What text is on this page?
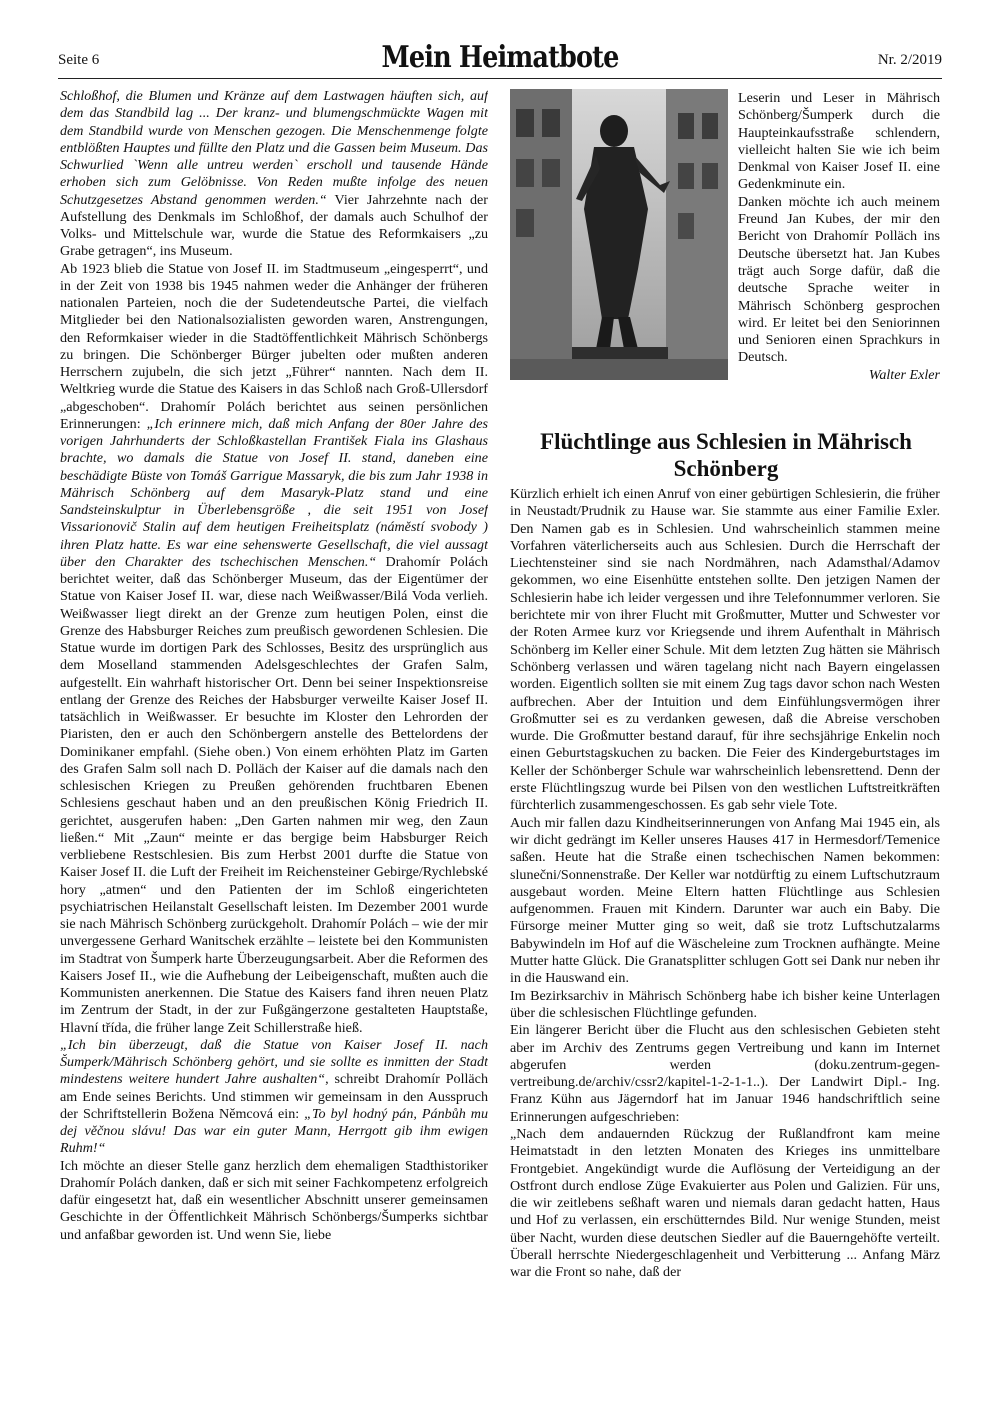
Seite 6	Mein Heimatbote	Nr. 2/2019

Schloßhof, die Blumen und Kränze auf dem Lastwagen häuften sich, auf dem das Standbild lag ... Der kranz- und blumengschmückte Wagen mit dem Standbild wurde von Menschen gezogen. Die Menschenmenge folgte entblößten Hauptes und füllte den Platz und die Gassen beim Museum. Das Schwurlied `Wenn alle untreu werden` erscholl und tausende Hände erhoben sich zum Gelöbnisse. Von Reden mußte infolge des neuen Schutzgesetzes Abstand genommen werden.“ Vier Jahrzehnte nach der Aufstellung des Denkmals im Schloßhof, der damals auch Schulhof der Volks- und Mittelschule war, wurde die Statue des Reformkaisers „zu Grabe getragen“, ins Museum.

Ab 1923 blieb die Statue von Josef II. im Stadtmuseum „eingesperrt“, und in der Zeit von 1938 bis 1945 nahmen weder die Anhänger der früheren nationalen Parteien, noch die der Sudetendeutsche Partei, die vielfach Mitglieder bei den Nationalsozialisten geworden waren, Anstrengungen, den Reformkaiser wieder in die Stadtöffentlichkeit Mährisch Schönbergs zu bringen. Die Schönberger Bürger jubelten oder mußten anderen Herrschern zujubeln, die sich jetzt „Führer“ nannten. Nach dem II. Weltkrieg wurde die Statue des Kaisers in das Schloß nach Groß-Ullersdorf „abgeschoben“. Drahomír Polách berichtet aus seinen persönlichen Erinnerungen: „Ich erinnere mich, daß mich Anfang der 80er Jahre des vorigen Jahrhunderts der Schloßkastellan František Fiala ins Glashaus brachte, wo damals die Statue von Josef II. stand, daneben eine beschädigte Büste von Tomáš Garrigue Massaryk, die bis zum Jahr 1938 in Mährisch Schönberg auf dem Masaryk-Platz stand und eine Sandsteinskulptur in Überlebensgröße , die seit 1951 von Josef Vissarionovič Stalin auf dem heutigen Freiheitsplatz (náměstí svobody ) ihren Platz hatte. Es war eine sehenswerte Gesellschaft, die viel aussagt über den Charakter des tschechischen Menschen.“ Drahomír Polách berichtet weiter, daß das Schönberger Museum, das der Eigentümer der Statue von Kaiser Josef II. war, diese nach Weißwasser/Bilá Voda verlieh. Weißwasser liegt direkt an der Grenze zum heutigen Polen, einst die Grenze des Habsburger Reiches zum preußisch gewordenen Schlesien. Die Statue wurde im dortigen Park des Schlosses, Besitz des ursprünglich aus dem Moselland stammenden Adelsgeschlechtes der Grafen Salm, aufgestellt. Ein wahrhaft historischer Ort. Denn bei seiner Inspektionsreise entlang der Grenze des Reiches der Habsburger verweilte Kaiser Josef II. tatsächlich in Weißwasser. Er besuchte im Kloster den Lehrorden der Piaristen, den er auch den Schönbergern anstelle des Bettelordens der Dominikaner empfahl. (Siehe oben.) Von einem erhöhten Platz im Garten des Grafen Salm soll nach D. Polläch der Kaiser auf die damals nach den schlesischen Kriegen zu Preußen gehörenden fruchtbaren Ebenen Schlesiens geschaut haben und an den preußischen König Friedrich II. gerichtet, ausgerufen haben: „Den Garten nahmen mir weg, den Zaun ließen.“ Mit „Zaun“ meinte er das bergige beim Habsburger Reich verbliebene Restschlesien. Bis zum Herbst 2001 durfte die Statue von Kaiser Josef II. die Luft der Freiheit im Reichensteiner Gebirge/Rychlebské hory „atmen“ und den Patienten der im Schloß eingerichteten psychiatrischen Heilanstalt Gesellschaft leisten. Im Dezember 2001 wurde sie nach Mährisch Schönberg zurückgeholt. Drahomír Polách – wie der mir unvergessene Gerhard Wanitschek erzählte – leistete bei den Kommunisten im Stadtrat von Šumperk harte Überzeugungsarbeit. Aber die Reformen des Kaisers Josef II., wie die Aufhebung der Leibeigenschaft, mußten auch die Kommunisten anerkennen. Die Statue des Kaisers fand ihren neuen Platz im Zentrum der Stadt, in der zur Fußgängerzone gestalteten Hauptstaße, Hlavní třída, die früher lange Zeit Schillerstraße hieß.

„Ich bin überzeugt, daß die Statue von Kaiser Josef II. nach Šumperk/Mährisch Schönberg gehört, und sie sollte es inmitten der Stadt mindestens weitere hundert Jahre aushalten“, schreibt Drahomír Polläch am Ende seines Berichts. Und stimmen wir gemeinsam in den Ausspruch der Schriftstellerin Božena Němcová ein: „To byl hodný pán, Pánbůh mu dej věčnou slávu! Das war ein guter Mann, Herrgott gib ihm ewigen Ruhm!“

Ich möchte an dieser Stelle ganz herzlich dem ehemaligen Stadthistoriker Drahomír Polách danken, daß er sich mit seiner Fachkompetenz erfolgreich dafür eingesetzt hat, daß ein wesentlicher Abschnitt unserer gemeinsamen Geschichte in der Öffentlichkeit Mährisch Schönbergs/Šumperks sichtbar und anfaßbar geworden ist. Und wenn Sie, liebe

Leserin und Leser in Mährisch Schönberg/Šumperk durch die Haupteinkaufsstraße schlendern, vielleicht halten Sie wie ich beim Denkmal von Kaiser Josef II. eine Gedenkminute ein.

Danken möchte ich auch meinem Freund Jan Kubes, der mir den Bericht von Drahomír Polläch ins Deutsche übersetzt hat. Jan Kubes trägt auch Sorge dafür, daß die deutsche Sprache weiter in Mährisch Schönberg gesprochen wird. Er leitet bei den Seniorinnen und Senioren einen Sprachkurs in Deutsch.

Walter Exler

Flüchtlinge aus Schlesien in Mährisch Schönberg

Kürzlich erhielt ich einen Anruf von einer gebürtigen Schlesierin, die früher in Neustadt/Prudnik zu Hause war. Sie stammte aus einer Familie Exler. Den Namen gab es in Schlesien. Und wahrscheinlich stammen meine Vorfahren väterlicherseits auch aus Schlesien. Durch die Herrschaft der Liechtensteiner sind sie nach Nordmähren, nach Adamsthal/Adamov gekommen, wo eine Eisenhütte entstehen sollte. Den jetzigen Namen der Schlesierin habe ich leider vergessen und ihre Telefonnummer verloren. Sie berichtete mir von ihrer Flucht mit Großmutter, Mutter und Schwester vor der Roten Armee kurz vor Kriegsende und ihrem Aufenthalt in Mährisch Schönberg im Keller einer Schule. Mit dem letzten Zug hätten sie Mährisch Schönberg verlassen und wären tagelang nicht nach Bayern eingelassen worden. Eigentlich sollten sie mit einem Zug tags davor schon nach Westen aufbrechen. Aber der Intuition und dem Einfühlungsvermögen ihrer Großmutter sei es zu verdanken gewesen, daß die Abreise verschoben wurde. Die Großmutter bestand darauf, für ihre sechsjährige Enkelin noch einen Geburtstagskuchen zu backen. Die Feier des Kindergeburtstages im Keller der Schönberger Schule war wahrscheinlich lebensrettend. Denn der erste Flüchtlingszug wurde bei Pilsen von den westlichen Luftstreitkräften fürchterlich zusammengeschossen. Es gab sehr viele Tote.

Auch mir fallen dazu Kindheitserinnerungen von Anfang Mai 1945 ein, als wir dicht gedrängt im Keller unseres Hauses 417 in Hermesdorf/Temenice saßen. Heute hat die Straße einen tschechischen Namen bekommen: slunečni/Sonnenstraße. Der Keller war notdürftig zu einem Luftschutzraum ausgebaut worden. Meine Eltern hatten Flüchtlinge aus Schlesien aufgenommen. Frauen mit Kindern. Darunter war auch ein Baby. Die Fürsorge meiner Mutter ging so weit, daß sie trotz Luftschutzalarms Babywindeln im Hof auf die Wäscheleine zum Trocknen aufhängte. Meine Mutter hatte Glück. Die Granatsplitter schlugen Gott sei Dank nur neben ihr in die Hauswand ein.

Im Bezirksarchiv in Mährisch Schönberg habe ich bisher keine Unterlagen über die schlesischen Flüchtlinge gefunden.

Ein längerer Bericht über die Flucht aus den schlesischen Gebieten steht aber im Archiv des Zentrums gegen Vertreibung und kann im Internet abgerufen werden (doku.zentrum-gegen-vertreibung.de/archiv/cssr2/kapitel-1-2-1-1..). Der Landwirt Dipl.- Ing. Franz Kühn aus Jägerndorf hat im Januar 1946 handschriftlich seine Erinnerungen aufgeschrieben:

„Nach dem andauernden Rückzug der Rußlandfront kam meine Heimatstadt in den letzten Monaten des Krieges ins unmittelbare Frontgebiet. Angekündigt wurde die Auflösung der Verteidigung an der Ostfront durch endlose Züge Evakuierter aus Polen und Galizien. Für uns, die wir zeitlebens seßhaft waren und niemals daran gedacht hatten, Haus und Hof zu verlassen, ein erschütterndes Bild. Nur wenige Stunden, meist über Nacht, wurden diese deutschen Siedler auf die Bauerngehöfte verteilt. Überall herrschte Niedergeschlagenheit und Verbitterung ... Anfang März war die Front so nahe, daß der
